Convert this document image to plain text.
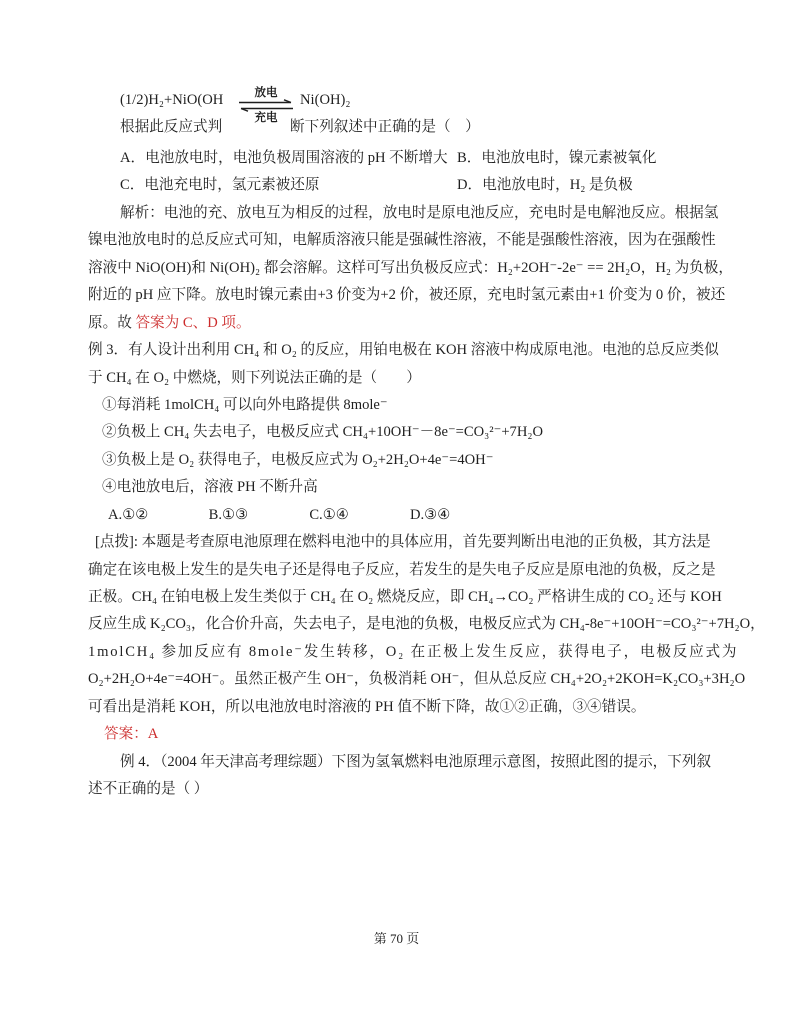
(1/2)H₂+NiO(OH	放电
充电
Ni(OH)₂
根据此反应式判	断下列叙述中正确的是（　）
A．电池放电时，电池负极周围溶液的 pH 不断增大 B．电池放电时，镍元素被氧化
C．电池充电时，氢元素被还原	D．电池放电时，H₂ 是负极
解析：电池的充、放电互为相反的过程，放电时是原电池反应，充电时是电解池反应。根据氢
镍电池放电时的总反应式可知，电解质溶液只能是强碱性溶液，不能是强酸性溶液，因为在强酸性
溶液中 NiO(OH)和 Ni(OH)₂ 都会溶解。这样可写出负极反应式：H₂+2OH⁻-2e⁻ == 2H₂O，H₂ 为负极，
附近的 pH 应下降。放电时镍元素由+3 价变为+2 价，被还原，充电时氢元素由+1 价变为 0 价，被还
原。故 答案为 C、D 项。
例 3．有人设计出利用 CH₄ 和 O₂ 的反应，用铂电极在 KOH 溶液中构成原电池。电池的总反应类似
于 CH₄ 在 O₂ 中燃烧，则下列说法正确的是（　　）
①每消耗 1molCH₄ 可以向外电路提供 8mole⁻
②负极上 CH₄ 失去电子，电极反应式 CH₄+10OH⁻－8e⁻=CO₃²⁻+7H₂O
③负极上是 O₂ 获得电子，电极反应式为 O₂+2H₂O+4e⁻=4OH⁻
④电池放电后，溶液 PH 不断升高
A.①②	B.①③	C.①④	D.③④
[点拨]: 本题是考查原电池原理在燃料电池中的具体应用，首先要判断出电池的正负极，其方法是
确定在该电极上发生的是失电子还是得电子反应，若发生的是失电子反应是原电池的负极，反之是
正极。CH₄ 在铂电极上发生类似于 CH₄ 在 O₂ 燃烧反应，即 CH₄→CO₂ 严格讲生成的 CO₂ 还与 KOH
反应生成 K₂CO₃，化合价升高，失去电子，是电池的负极，电极反应式为 CH₄-8e⁻+10OH⁻=CO₃²⁻+7H₂O，
1molCH₄ 参加反应有 8mole⁻发生转移，O₂ 在正极上发生反应，获得电子，电极反应式为
O₂+2H₂O+4e⁻=4OH⁻。虽然正极产生 OH⁻，负极消耗 OH⁻，但从总反应 CH₄+2O₂+2KOH=K₂CO₃+3H₂O
可看出是消耗 KOH，所以电池放电时溶液的 PH 值不断下降，故①②正确，③④错误。
答案：A
例 4．（2004 年天津高考理综题）下图为氢氧燃料电池原理示意图，按照此图的提示，下列叙
述不正确的是（ ）
第 70 页
